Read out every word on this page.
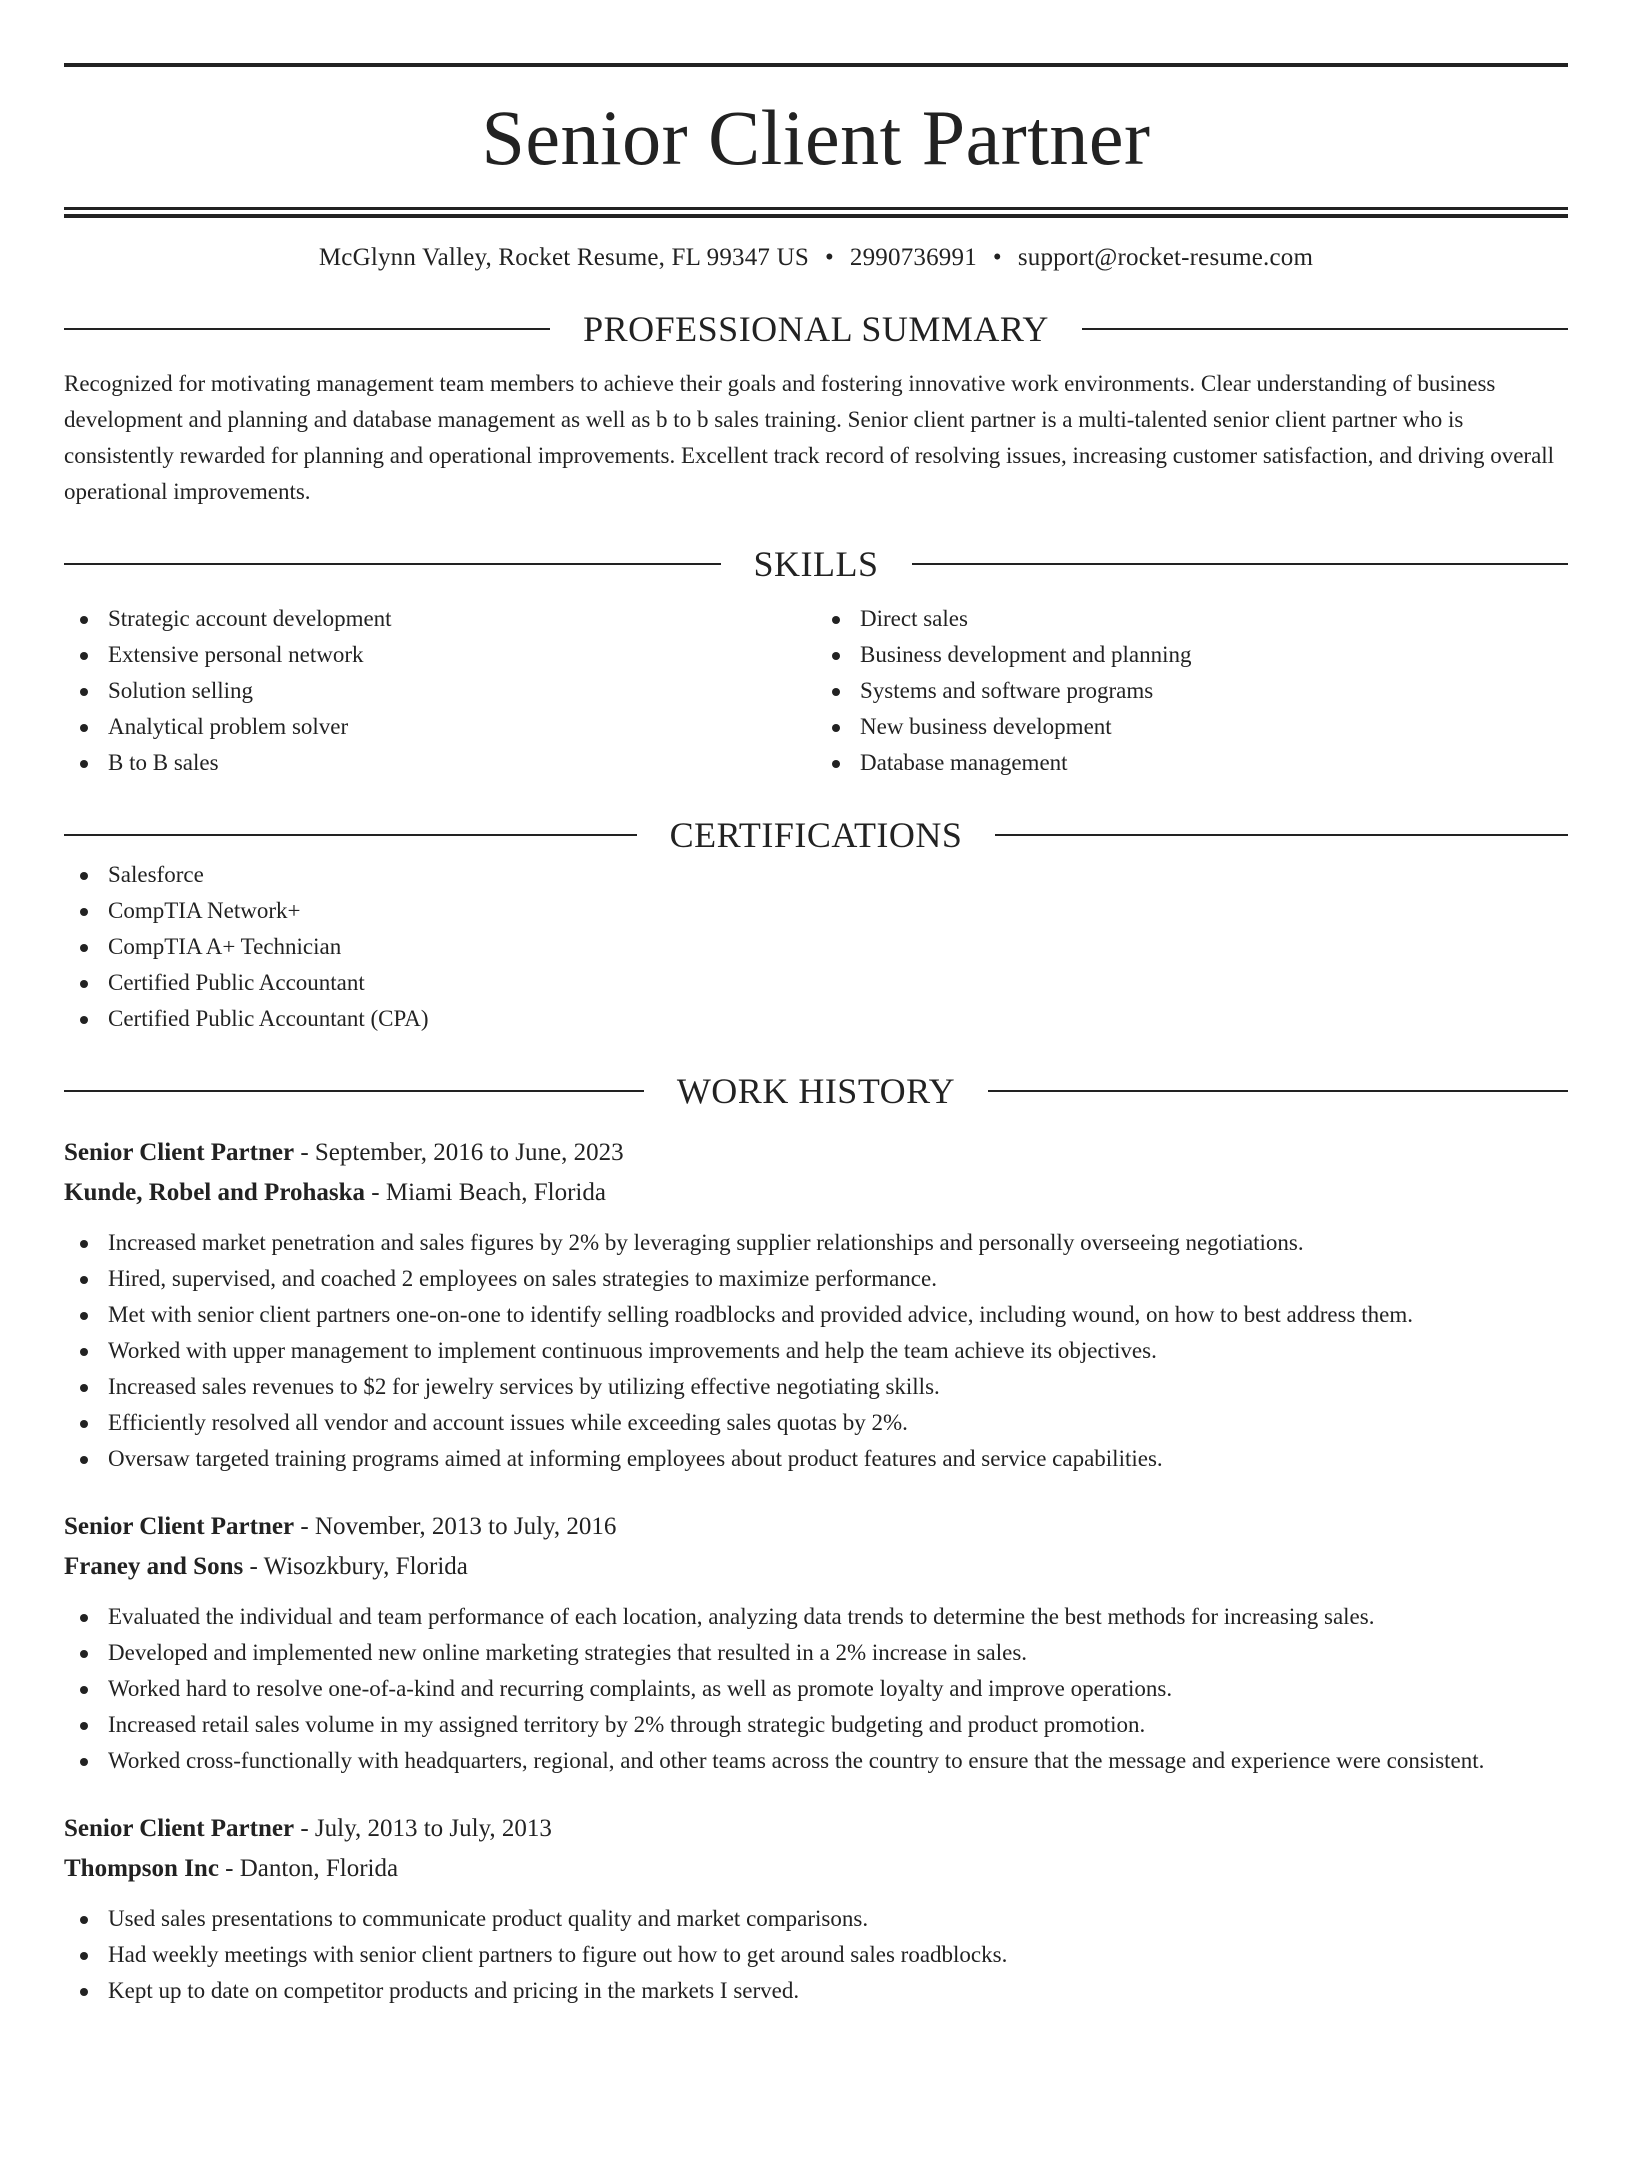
Senior Client Partner
McGlynn Valley, Rocket Resume, FL 99347 US • 2990736991 • support@rocket-resume.com
PROFESSIONAL SUMMARY
Recognized for motivating management team members to achieve their goals and fostering innovative work environments. Clear understanding of business development and planning and database management as well as b to b sales training. Senior client partner is a multi-talented senior client partner who is consistently rewarded for planning and operational improvements. Excellent track record of resolving issues, increasing customer satisfaction, and driving overall operational improvements.
SKILLS
Strategic account development
Extensive personal network
Solution selling
Analytical problem solver
B to B sales
Direct sales
Business development and planning
Systems and software programs
New business development
Database management
CERTIFICATIONS
Salesforce
CompTIA Network+
CompTIA A+ Technician
Certified Public Accountant
Certified Public Accountant (CPA)
WORK HISTORY
Senior Client Partner - September, 2016 to June, 2023
Kunde, Robel and Prohaska - Miami Beach, Florida
Increased market penetration and sales figures by 2% by leveraging supplier relationships and personally overseeing negotiations.
Hired, supervised, and coached 2 employees on sales strategies to maximize performance.
Met with senior client partners one-on-one to identify selling roadblocks and provided advice, including wound, on how to best address them.
Worked with upper management to implement continuous improvements and help the team achieve its objectives.
Increased sales revenues to $2 for jewelry services by utilizing effective negotiating skills.
Efficiently resolved all vendor and account issues while exceeding sales quotas by 2%.
Oversaw targeted training programs aimed at informing employees about product features and service capabilities.
Senior Client Partner - November, 2013 to July, 2016
Franey and Sons - Wisozkbury, Florida
Evaluated the individual and team performance of each location, analyzing data trends to determine the best methods for increasing sales.
Developed and implemented new online marketing strategies that resulted in a 2% increase in sales.
Worked hard to resolve one-of-a-kind and recurring complaints, as well as promote loyalty and improve operations.
Increased retail sales volume in my assigned territory by 2% through strategic budgeting and product promotion.
Worked cross-functionally with headquarters, regional, and other teams across the country to ensure that the message and experience were consistent.
Senior Client Partner - July, 2013 to July, 2013
Thompson Inc - Danton, Florida
Used sales presentations to communicate product quality and market comparisons.
Had weekly meetings with senior client partners to figure out how to get around sales roadblocks.
Kept up to date on competitor products and pricing in the markets I served.
